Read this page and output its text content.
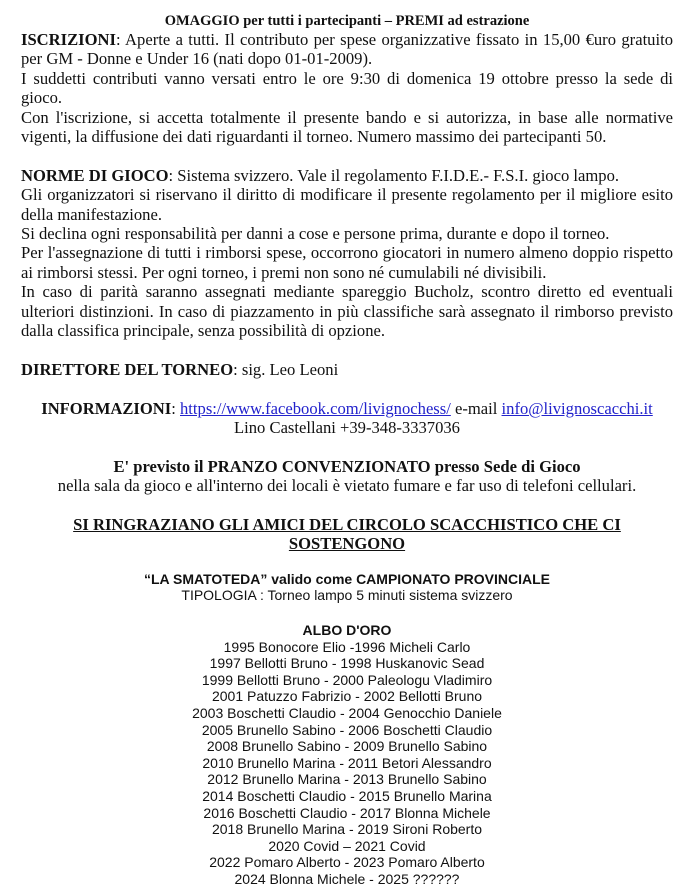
OMAGGIO per tutti i partecipanti – PREMI ad estrazione

ISCRIZIONI: Aperte a tutti. Il contributo per spese organizzative fissato in 15,00 €uro gratuito per GM - Donne e Under 16 (nati dopo 01-01-2009).

I suddetti contributi vanno versati entro le ore 9:30 di domenica 19 ottobre presso la sede di gioco.

Con l'iscrizione, si accetta totalmente il presente bando e si autorizza, in base alle normative vigenti, la diffusione dei dati riguardanti il torneo. Numero massimo dei partecipanti 50.

NORME DI GIOCO: Sistema svizzero. Vale il regolamento F.I.D.E.- F.S.I. gioco lampo.

Gli organizzatori si riservano il diritto di modificare il presente regolamento per il migliore esito della manifestazione.

Si declina ogni responsabilità per danni a cose e persone prima, durante e dopo il torneo.

Per l'assegnazione di tutti i rimborsi spese, occorrono giocatori in numero almeno doppio rispetto ai rimborsi stessi. Per ogni torneo, i premi non sono né cumulabili né divisibili.

In caso di parità saranno assegnati mediante spareggio Bucholz, scontro diretto ed eventuali ulteriori distinzioni. In caso di piazzamento in più classifiche sarà assegnato il rimborso previsto dalla classifica principale, senza possibilità di opzione.

DIRETTORE DEL TORNEO: sig. Leo Leoni

INFORMAZIONI: https://www.facebook.com/livignochess/ e-mail info@livignoscacchi.it

Lino Castellani +39-348-3337036

E' previsto il PRANZO CONVENZIONATO presso Sede di Gioco

nella sala da gioco e all'interno dei locali è vietato fumare e far uso di telefoni cellulari.

SI RINGRAZIANO GLI AMICI DEL CIRCOLO SCACCHISTICO CHE CI SOSTENGONO

“LA SMATOTEDA” valido come CAMPIONATO PROVINCIALE

TIPOLOGIA : Torneo lampo 5 minuti sistema svizzero

ALBO D'ORO

1995 Bonocore Elio -1996 Micheli Carlo

1997 Bellotti Bruno - 1998 Huskanovic Sead

1999 Bellotti Bruno - 2000 Paleologu Vladimiro

2001 Patuzzo Fabrizio - 2002 Bellotti Bruno

2003 Boschetti Claudio - 2004 Genocchio Daniele

2005 Brunello Sabino - 2006 Boschetti Claudio

2008 Brunello Sabino - 2009 Brunello Sabino

2010 Brunello Marina - 2011 Betori Alessandro

2012 Brunello Marina - 2013 Brunello Sabino

2014 Boschetti Claudio - 2015 Brunello Marina

2016 Boschetti Claudio - 2017 Blonna Michele

2018 Brunello Marina - 2019 Sironi Roberto

2020 Covid – 2021 Covid

2022 Pomaro Alberto - 2023 Pomaro Alberto

2024 Blonna Michele - 2025 ??????
